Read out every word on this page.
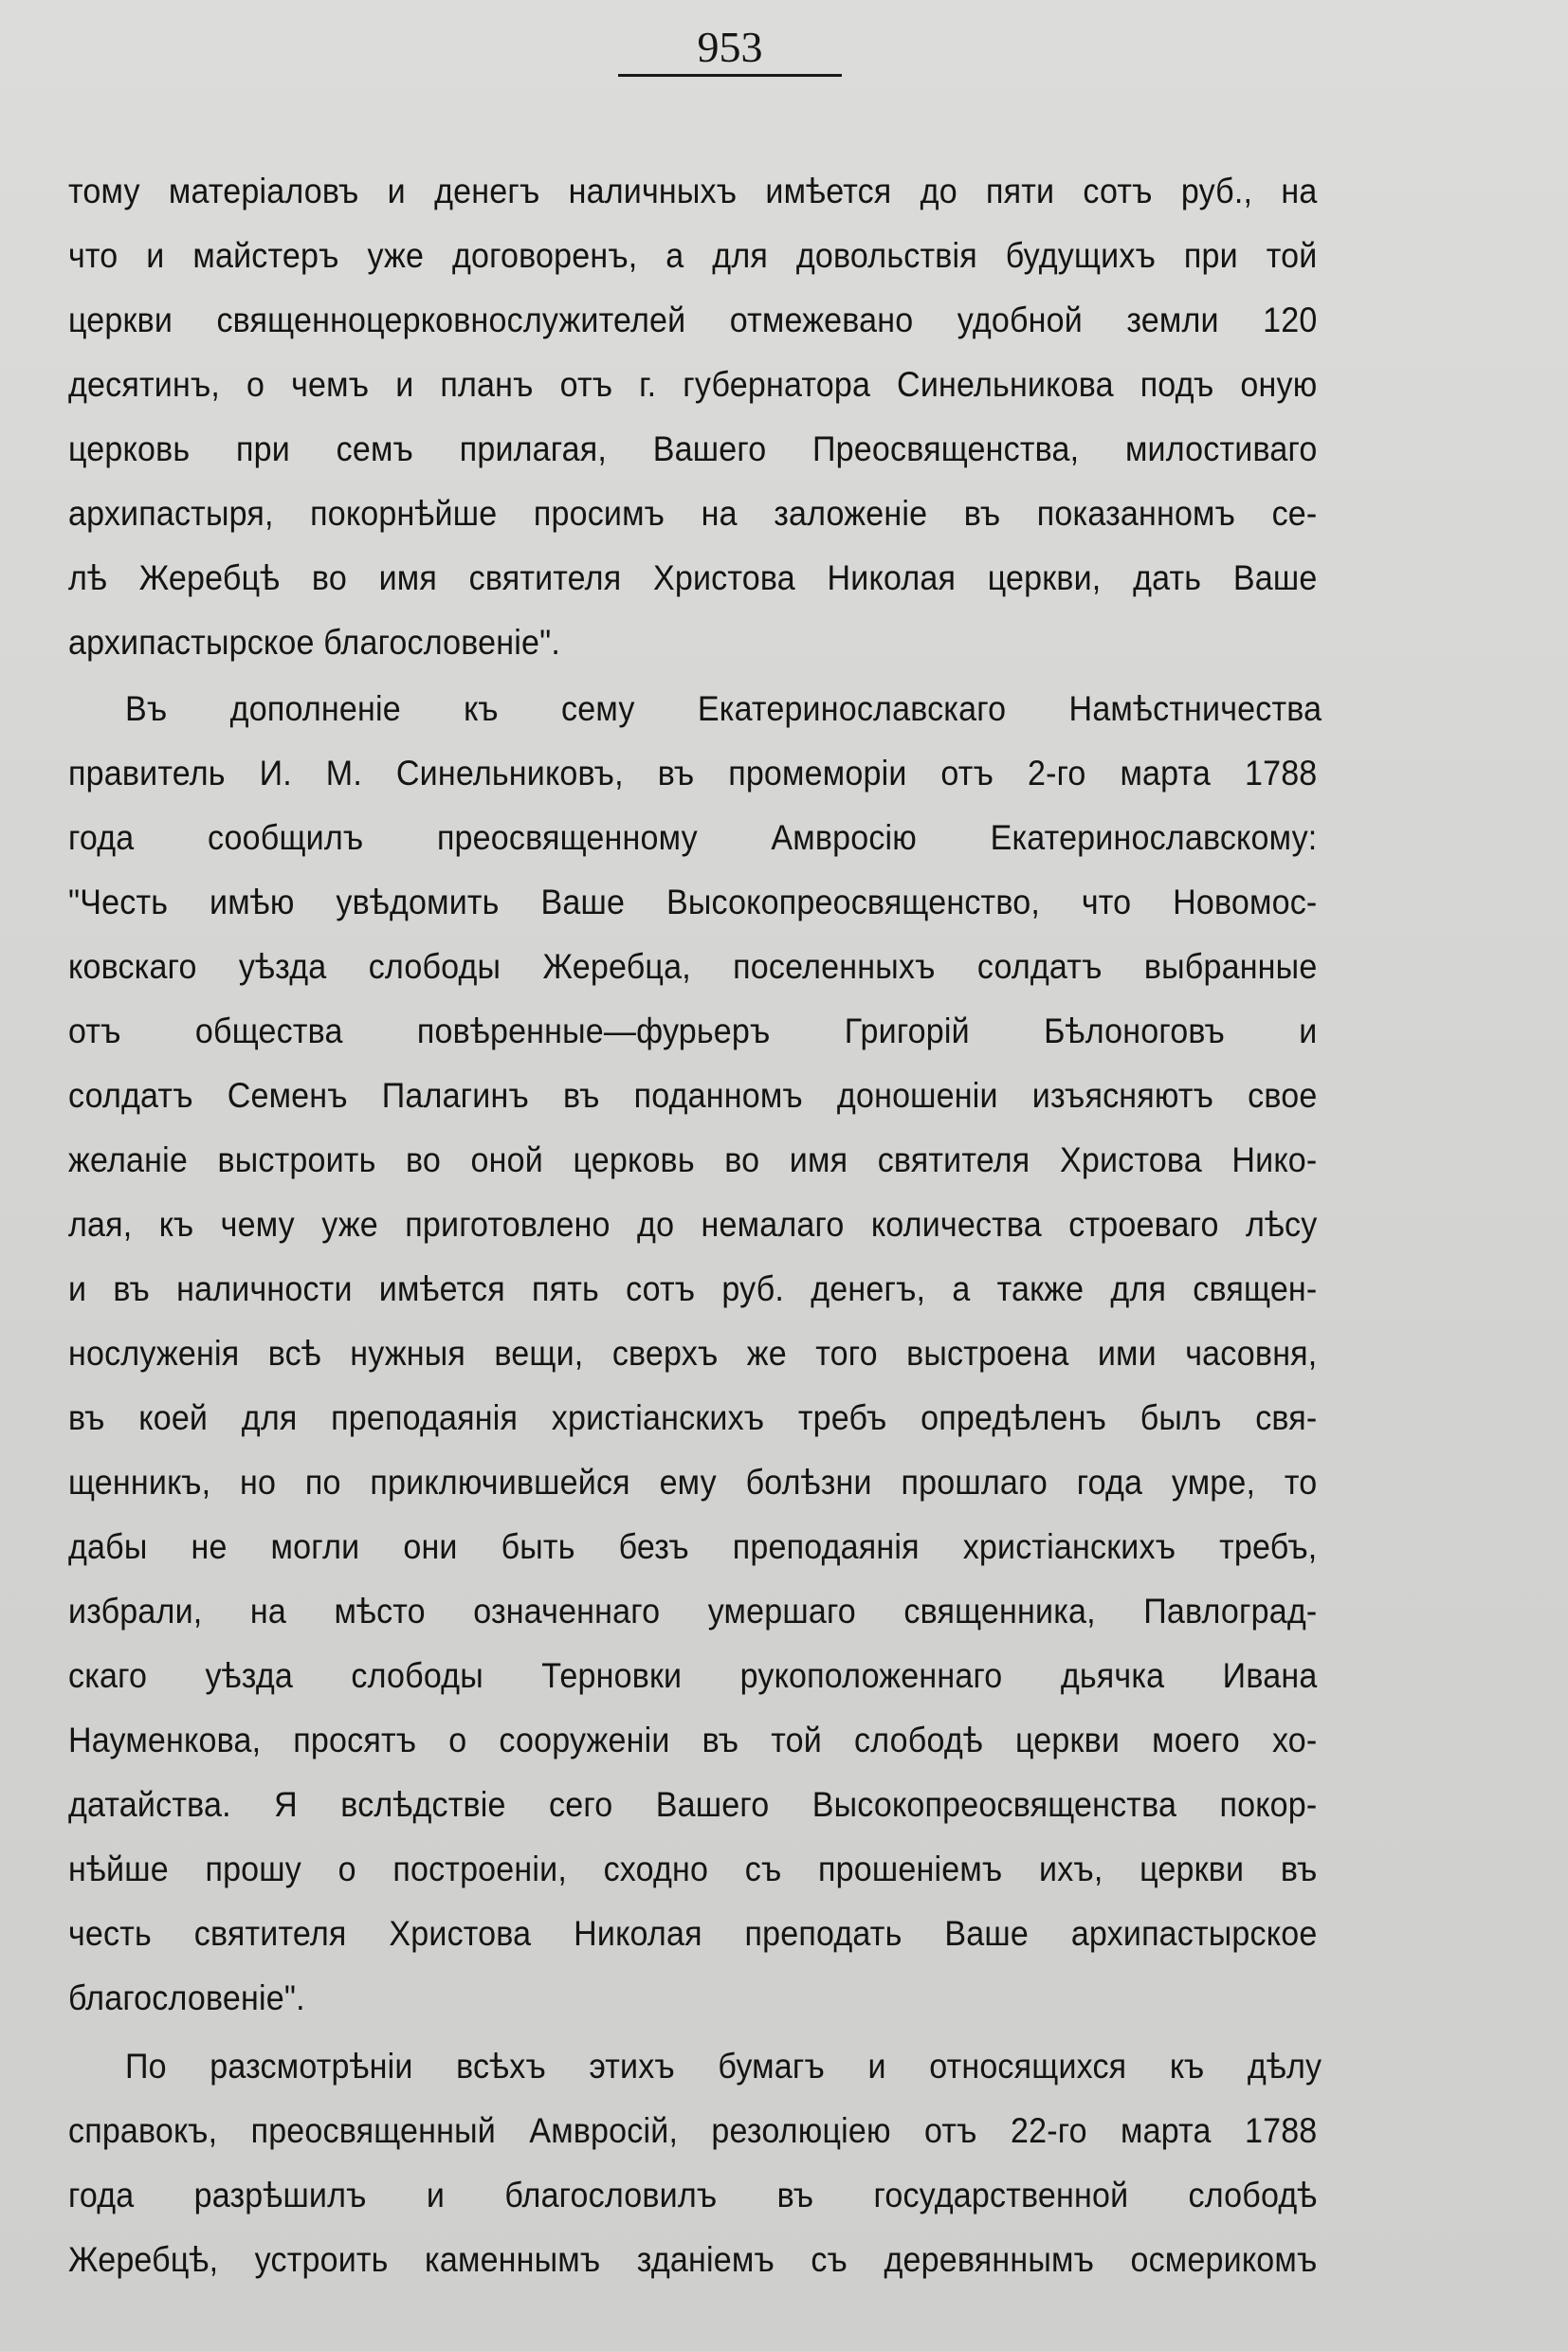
953
тому матеріаловъ и денегъ наличныхъ имѣется до пяти сотъ руб., на
что и майстеръ уже договоренъ, а для довольствія будущихъ при той
церкви священноцерковнослужителей отмежевано удобной земли 120
десятинъ, о чемъ и планъ отъ г. губернатора Синельникова подъ оную
церковь при семъ прилагая, Вашего Преосвященства, милостиваго
архипастыря, покорнѣйше просимъ на заложеніе въ показанномъ се-
лѣ Жеребцѣ во имя святителя Христова Николая церкви, дать Ваше
архипастырское благословеніе".
Въ дополненіе къ сему Екатеринославскаго Намѣстничества
правитель И. М. Синельниковъ, въ промеморіи отъ 2-го марта 1788
года сообщилъ преосвященному Амвросію Екатеринославскому:
"Честь имѣю увѣдомить Ваше Высокопреосвященство, что Новомос-
ковскаго уѣзда слободы Жеребца, поселенныхъ солдатъ выбранные
отъ общества повѣренные—фурьеръ Григорій Бѣлоноговъ и
солдатъ Семенъ Палагинъ въ поданномъ доношеніи изъясняютъ свое
желаніе выстроить во оной церковь во имя святителя Христова Нико-
лая, къ чему уже приготовлено до немалаго количества строеваго лѣсу
и въ наличности имѣется пять сотъ руб. денегъ, а также для священ-
нослуженія всѣ нужныя вещи, сверхъ же того выстроена ими часовня,
въ коей для преподаянія христіанскихъ требъ опредѣленъ былъ свя-
щенникъ, но по приключившейся ему болѣзни прошлаго года умре, то
дабы не могли они быть безъ преподаянія христіанскихъ требъ,
избрали, на мѣсто означеннаго умершаго священника, Павлоград-
скаго уѣзда слободы Терновки рукоположеннаго дьячка Ивана
Науменкова, просятъ о сооруженіи въ той слободѣ церкви моего хо-
датайства. Я вслѣдствіе сего Вашего Высокопреосвященства покор-
нѣйше прошу о построеніи, сходно съ прошеніемъ ихъ, церкви въ
честь святителя Христова Николая преподать Ваше архипастырское
благословеніе".
По разсмотрѣніи всѣхъ этихъ бумагъ и относящихся къ дѣлу
справокъ, преосвященный Амвросій, резолюціею отъ 22-го марта 1788
года разрѣшилъ и благословилъ въ государственной слободѣ
Жеребцѣ, устроить каменнымъ зданіемъ съ деревяннымъ осмерикомъ
